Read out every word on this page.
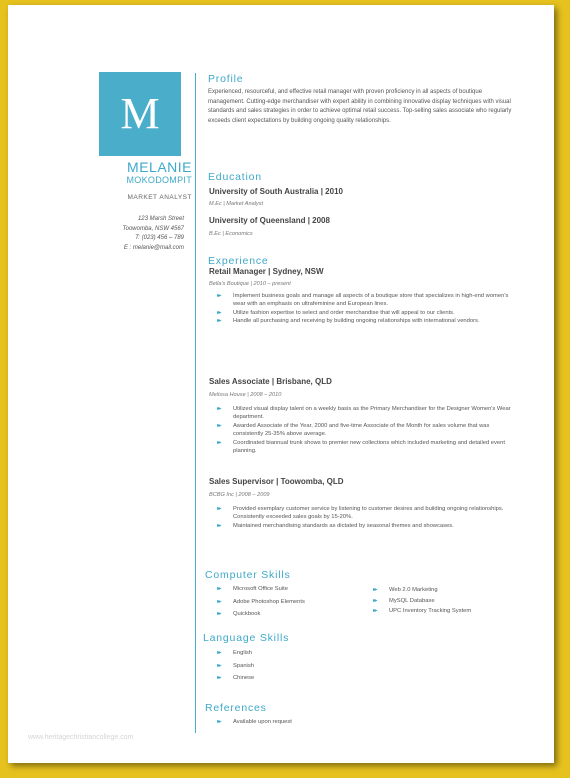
M
MELANIE
MOKODOMPIT
MARKET ANALYST
123 Marsh Street
Toowomba, NSW 4567
T: (023) 456 – 789
E : melanie@mail.com
Profile
Experienced, resourceful, and effective retail manager with proven proficiency in all aspects of boutique management. Cutting-edge merchandiser with expert ability in combining innovative display techniques with visual standards and sales strategies in order to achieve optimal retail success. Top-selling sales associate who regularly exceeds client expectations by building ongoing quality relationships.
Education
University of South Australia | 2010
M.Ec | Market Analyst
University of Queensland | 2008
B.Ec | Economics
Experience
Retail Manager | Sydney, NSW
Bella's Boutique | 2010 – present
▸▸ Implement business goals and manage all aspects of a boutique store that specializes in high-end women's wear with an emphasis on ultrafeminine and European lines.
▸▸ Utilize fashion expertise to select and order merchandise that will appeal to our clients.
▸▸ Handle all purchasing and receiving by building ongoing relationships with international vendors.
Sales Associate | Brisbane, QLD
Melissa House | 2008 – 2010
▸▸ Utilized visual display talent on a weekly basis as the Primary Merchandiser for the Designer Women's Wear department.
▸▸ Awarded Associate of the Year, 2000 and five-time Associate of the Month for sales volume that was consistently 25-35% above average.
▸▸ Coordinated biannual trunk shows to premier new collections which included marketing and detailed event planning.
Sales Supervisor | Toowomba, QLD
BCBG Inc | 2008 – 2009
▸▸ Provided exemplary customer service by listening to customer desires and building ongoing relationships. Consistently exceeded sales goals by 15-20%.
▸▸ Maintained merchandising standards as dictated by seasonal themes and showcases.
Computer Skills
▸▸ Microsoft Office Suite
▸▸ Adobe Photoshop Elements
▸▸ Quickbook
▸▸ Web 2.0 Marketing
▸▸ MySQL Database
▸▸ UPC Inventory Tracking System
Language Skills
▸▸ English
▸▸ Spanish
▸▸ Chinese
References
▸▸ Available upon request
www.heritagechristiancollege.com
